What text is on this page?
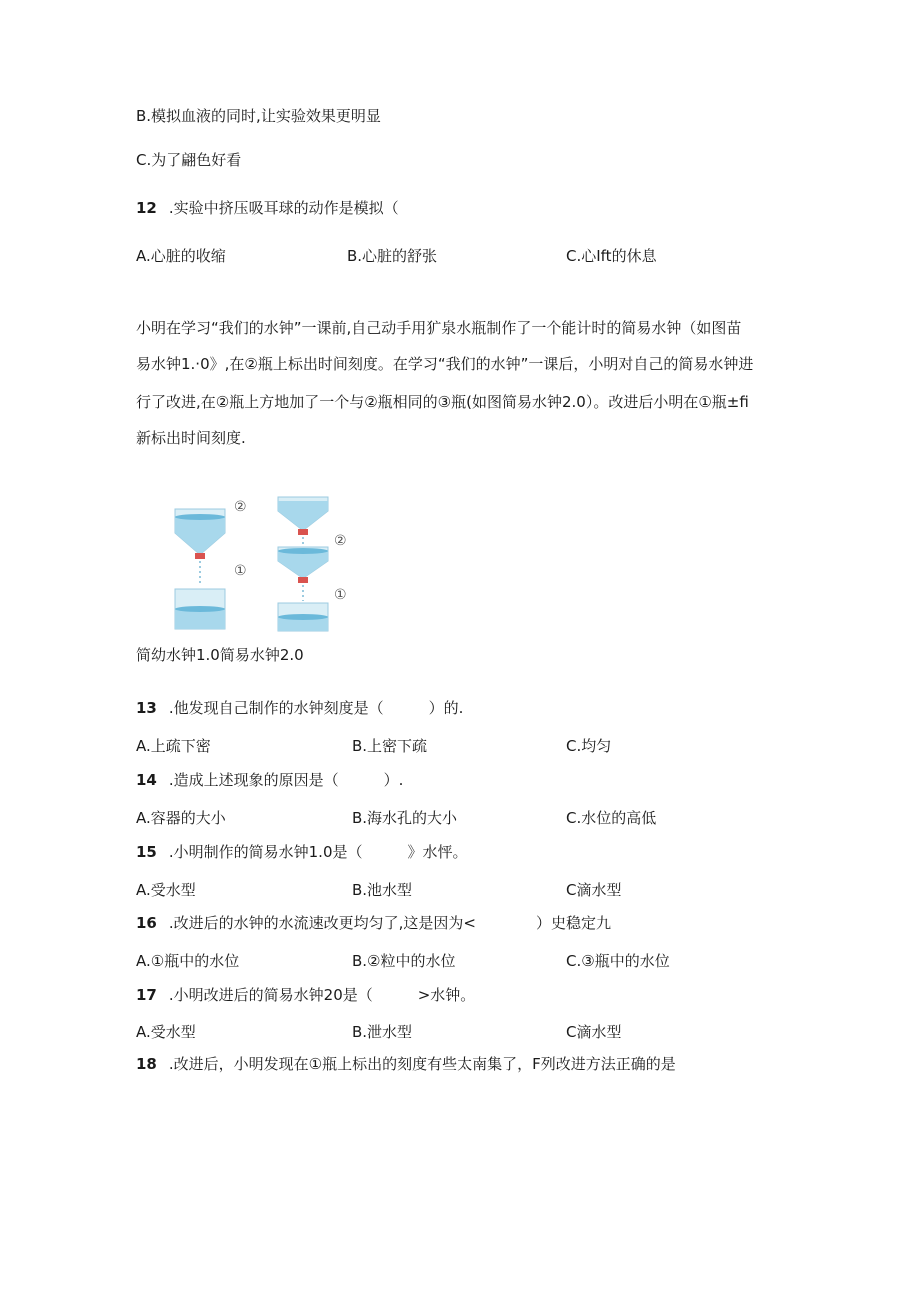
B.模拟血液的同时,让实验效果更明显
C.为了翩色好看
12 .实验中挤压吸耳球的动作是模拟（
A.心脏的收缩	B.心脏的舒张	C.心Ift的休息
小明在学习“我们的水钟”一课前,自己动手用犷泉水瓶制作了一个能计时的简易水钟（如图苗
易水钟1.·0》,在②瓶上标出时间刻度。在学习“我们的水钟”一课后，小明对自己的简易水钟进
行了改进,在②瓶上方地加了一个与②瓶相同的③瓶(如图简易水钟2.0）。改进后小明在①瓶±fi
新标出时间刻度.
②
①
②
①
简幼水钟1.0简易水钟2.0
13 .他发现自己制作的水钟刻度是（　　　）的.
A.上疏下密	B.上密下疏	C.均匀
14 .造成上述现象的原因是（　　　）.
A.容器的大小	B.海水孔的大小	C.水位的高低
15 .小明制作的简易水钟1.0是（　　　》水怦。
A.受水型	B.池水型	C滴水型
16 .改进后的水钟的水流速改更均匀了,这是因为<　　　　）史稳定九
A.①瓶中的水位	B.②粒中的水位	C.③瓶中的水位
17 .小明改进后的简易水钟20是（　　　>水钟。
A.受水型	B.泄水型	C滴水型
18 .改进后，小明发现在①瓶上标出的刻度有些太南集了，F列改进方法正确的是
